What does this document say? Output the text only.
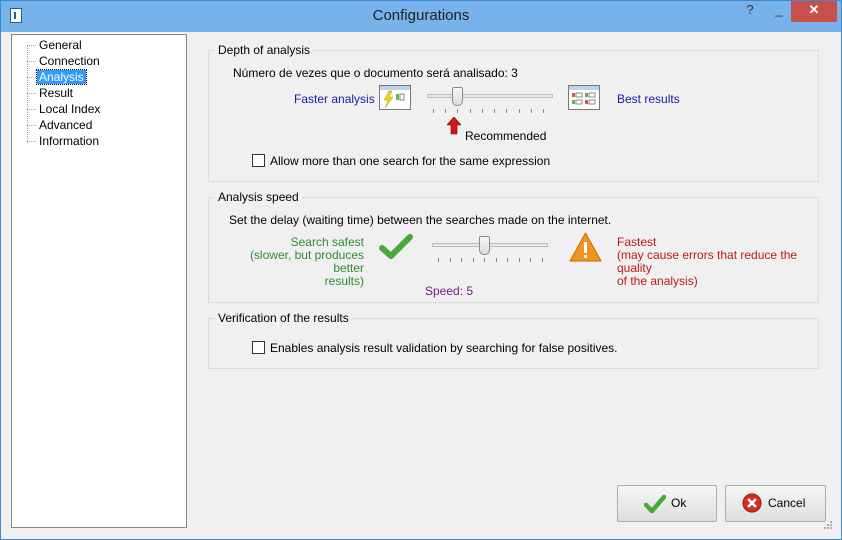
Configurations	?	_	✕
General
Connection
Analysis
Result
Local Index
Advanced
Information
Depth of analysis
Número de vezes que o documento será analisado: 3
Faster analysis	Best results
Recommended
Allow more than one search for the same expression
Analysis speed
Set the delay (waiting time) between the searches made on the internet.
Search safest
(slower, but produces better
results)
Fastest
(may cause errors that reduce the quality
of the analysis)
Speed: 5
Verification of the results
Enables analysis result validation by searching for false positives.
Ok	Cancel
